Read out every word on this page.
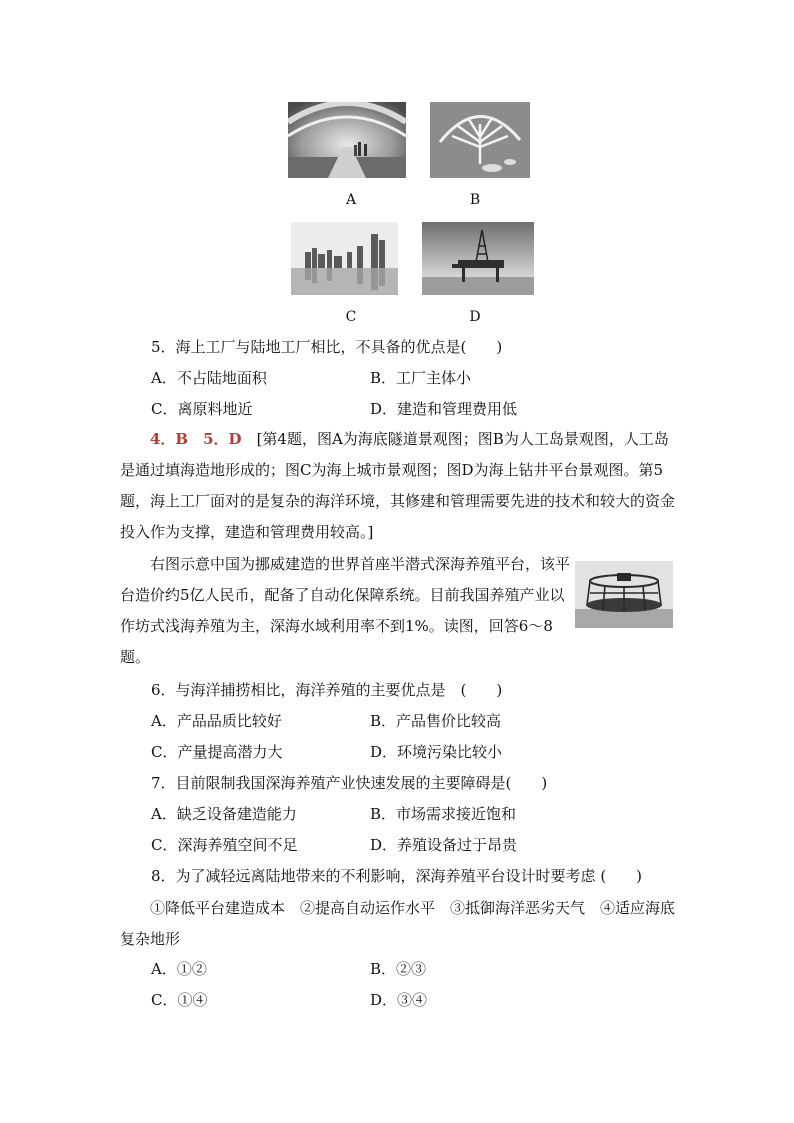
A	B
C	D
5．海上工厂与陆地工厂相比，不具备的优点是(　　)
A．不占陆地面积	B．工厂主体小
C．离原料地近	D．建造和管理费用低

4．B　5．D　[第4题，图A为海底隧道景观图；图B为人工岛景观图，人工岛是通过填海造地形成的；图C为海上城市景观图；图D为海上钻井平台景观图。第5题，海上工厂面对的是复杂的海洋环境，其修建和管理需要先进的技术和较大的资金投入作为支撑，建造和管理费用较高。]

右图示意中国为挪威建造的世界首座半潜式深海养殖平台，该平台造价约5亿人民币，配备了自动化保障系统。目前我国养殖产业以作坊式浅海养殖为主，深海水域利用率不到1%。读图，回答6～8题。

6．与海洋捕捞相比，海洋养殖的主要优点是　(　　)
A．产品品质比较好	B．产品售价比较高
C．产量提高潜力大	D．环境污染比较小
7．目前限制我国深海养殖产业快速发展的主要障碍是(　　)
A．缺乏设备建造能力	B．市场需求接近饱和
C．深海养殖空间不足	D．养殖设备过于昂贵
8．为了减轻远离陆地带来的不利影响，深海养殖平台设计时要考虑 (　　)

①降低平台建造成本　②提高自动运作水平　③抵御海洋恶劣天气　④适应海底复杂地形

A．①②	B．②③
C．①④	D．③④
